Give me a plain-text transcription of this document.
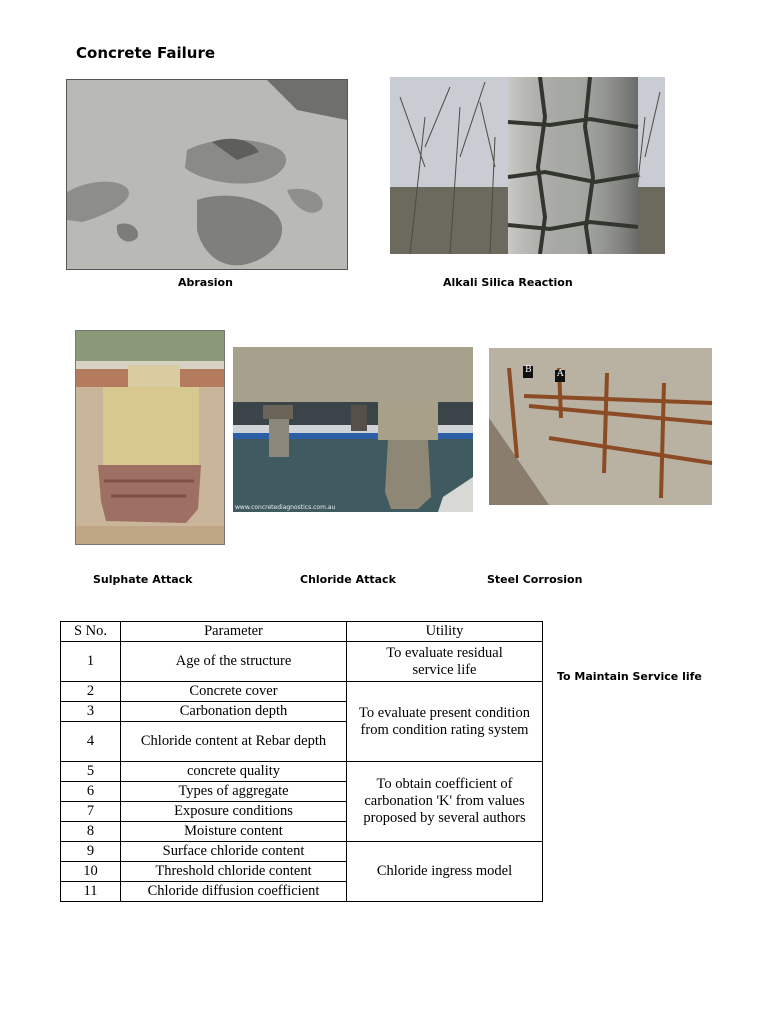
Concrete Failure
Abrasion	Alkali Silica Reaction
Sulphate Attack
www.concretediagnostics.com.au
Chloride Attack
B	A
Steel Corrosion
S No.	Parameter	Utility
1	Age of the structure	To evaluate residual service life
2	Concrete cover	To evaluate present condition from condition rating system
3	Carbonation depth	
4	Chloride content at Rebar depth	
5	concrete quality	To obtain coefficient of carbonation 'K' from values proposed by several authors
6	Types of aggregate	
7	Exposure conditions	
8	Moisture content	
9	Surface chloride content	Chloride ingress model
10	Threshold chloride content	
11	Chloride diffusion coefficient	
To Maintain Service life
